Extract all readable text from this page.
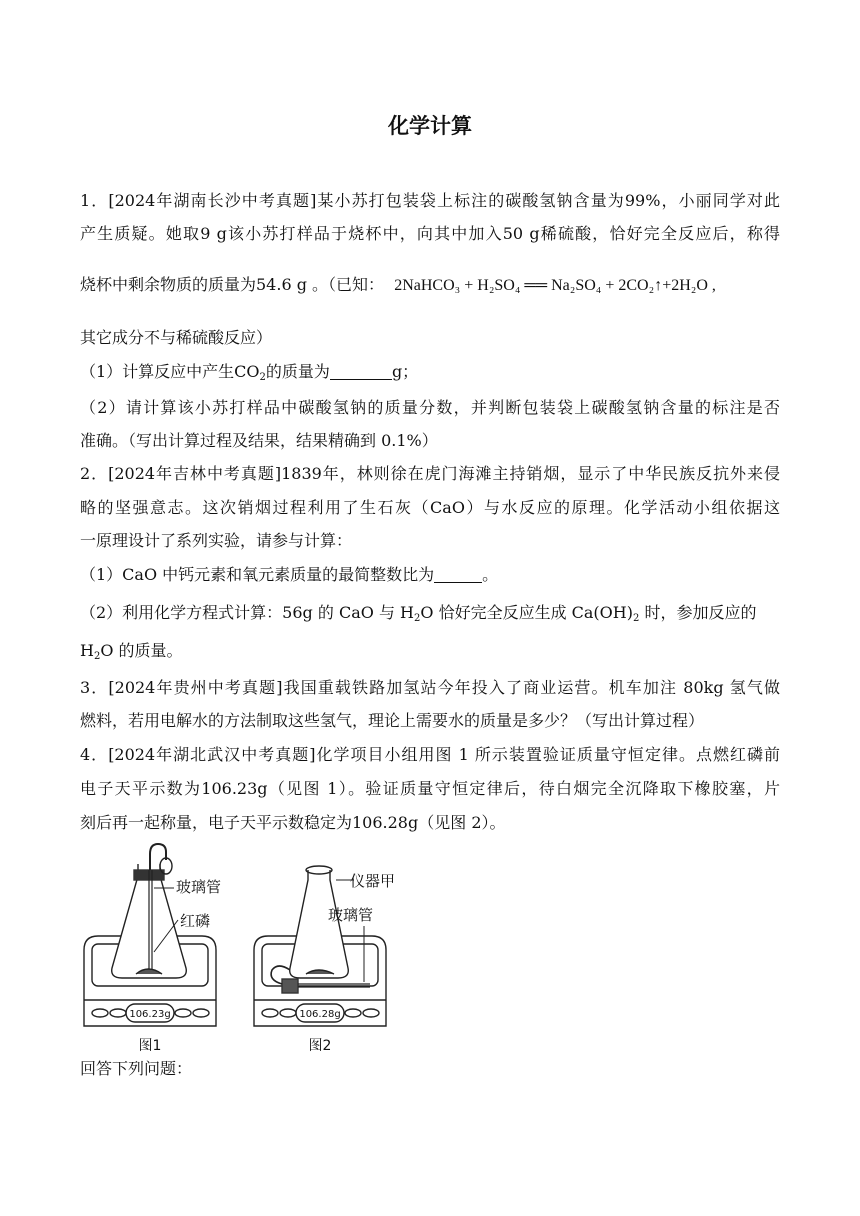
化学计算
1．[2024年湖南长沙中考真题]某小苏打包装袋上标注的碳酸氢钠含量为99%，小丽同学对此
产生质疑。她取9 g该小苏打样品于烧杯中，向其中加入50 g稀硫酸，恰好完全反应后，称得
烧杯中剩余物质的质量为54.6 g 。（已知： 2NaHCO₃ + H₂SO₄ ══ Na₂SO₄ + 2CO₂↑+2H₂O ,
其它成分不与稀硫酸反应）
（1）计算反应中产生$CO_2$的质量为	g；
（2）请计算该小苏打样品中碳酸氢钠的质量分数，并判断包装袋上碳酸氢钠含量的标注是否
准确。（写出计算过程及结果，结果精确到 0.1%）
2．[2024年吉林中考真题]1839年，林则徐在虎门海滩主持销烟，显示了中华民族反抗外来侵
略的坚强意志。这次销烟过程利用了生石灰（CaO）与水反应的原理。化学活动小组依据这
一原理设计了系列实验，请参与计算：
（1）CaO 中钙元素和氧元素质量的最简整数比为	。
（2）利用化学方程式计算：56g 的 CaO 与 $H_2O$ 恰好完全反应生成 $Ca(OH)_2$ 时，参加反应的
$H_2O$ 的质量。
3．[2024年贵州中考真题]我国重载铁路加氢站今年投入了商业运营。机车加注 80kg 氢气做
燃料，若用电解水的方法制取这些氢气，理论上需要水的质量是多少？（写出计算过程）
4．[2024年湖北武汉中考真题]化学项目小组用图 1 所示装置验证质量守恒定律。点燃红磷前
电子天平示数为106.23g（见图 1）。验证质量守恒定律后，待白烟完全沉降取下橡胶塞，片
刻后再一起称量，电子天平示数稳定为106.28g（见图 2）。
玻璃管
红磷
106.23g
图1
仪器甲
玻璃管
106.28g
图2
回答下列问题：
